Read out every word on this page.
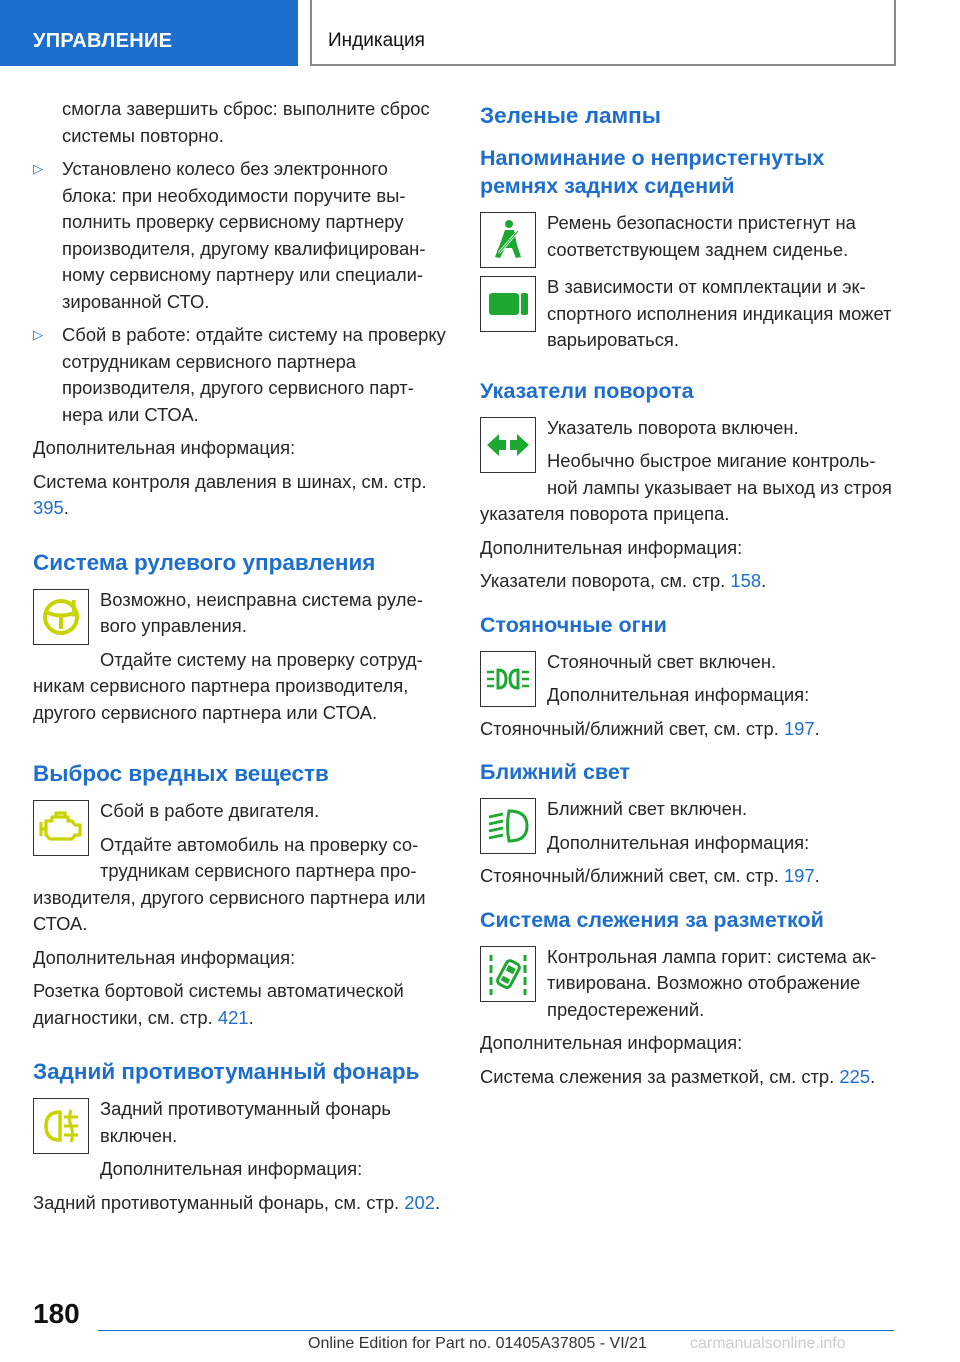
УПРАВЛЕНИЕ	Индикация

смогла завершить сброс: выполните сброс системы повторно.

▷ Установлено колесо без электронного блока: при необходимости поручите выполнить проверку сервисному партнеру производителя, другому квалифицированному сервисному партнеру или специализированной СТО.

▷ Сбой в работе: отдайте систему на проверку сотрудникам сервисного партнера производителя, другого сервисного партнера или СТОА.

Дополнительная информация:

Система контроля давления в шинах, см. стр. 395.

Система рулевого управления

Возможно, неисправна система рулевого управления.

Отдайте систему на проверку сотрудникам сервисного партнера производителя, другого сервисного партнера или СТОА.

Выброс вредных веществ

Сбой в работе двигателя.

Отдайте автомобиль на проверку сотрудникам сервисного партнера производителя, другого сервисного партнера или СТОА.

Дополнительная информация:

Розетка бортовой системы автоматической диагностики, см. стр. 421.

Задний противотуманный фонарь

Задний противотуманный фонарь включен.

Дополнительная информация:

Задний противотуманный фонарь, см. стр. 202.

Зеленые лампы
Напоминание о непристегнутых ремнях задних сидений

Ремень безопасности пристегнут на соответствующем заднем сиденье.

В зависимости от комплектации и экспортного исполнения индикация может варьироваться.

Указатели поворота

Указатель поворота включен.

Необычно быстрое мигание контрольной лампы указывает на выход из строя указателя поворота прицепа.

Дополнительная информация:

Указатели поворота, см. стр. 158.

Стояночные огни

Стояночный свет включен.

Дополнительная информация:

Стояночный/ближний свет, см. стр. 197.

Ближний свет

Ближний свет включен.

Дополнительная информация:

Стояночный/ближний свет, см. стр. 197.

Система слежения за разметкой

Контрольная лампа горит: система активирована. Возможно отображение предостережений.

Дополнительная информация:

Система слежения за разметкой, см. стр. 225.

180
Online Edition for Part no. 01405A37805 - VI/21	carmanualsonline.info
